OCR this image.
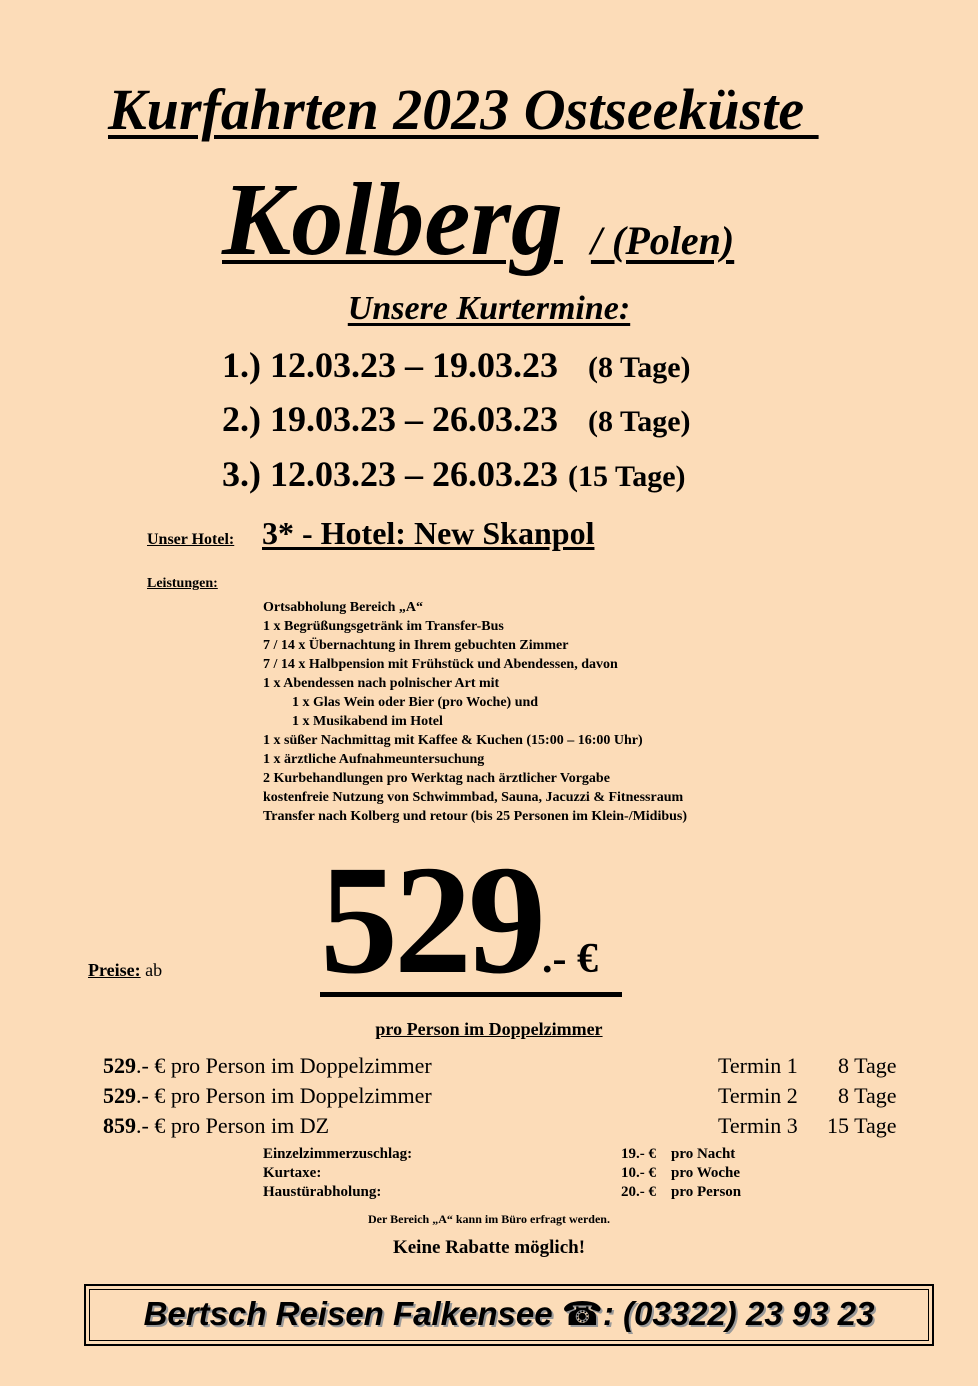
Kurfahrten 2023 Ostseeküste
Kolberg / (Polen)
Unsere Kurtermine:
1.) 12.03.23 – 19.03.23 (8 Tage)
2.) 19.03.23 – 26.03.23 (8 Tage)
3.) 12.03.23 – 26.03.23 (15 Tage)
Unser Hotel: 3* - Hotel: New Skanpol
Leistungen:
Ortsabholung Bereich „A“
1 x Begrüßungsgetränk im Transfer-Bus
7 / 14 x Übernachtung in Ihrem gebuchten Zimmer
7 / 14 x Halbpension mit Frühstück und Abendessen, davon
1 x Abendessen nach polnischer Art mit
1 x Glas Wein oder Bier (pro Woche) und
1 x Musikabend im Hotel
1 x süßer Nachmittag mit Kaffee & Kuchen (15:00 – 16:00 Uhr)
1 x ärztliche Aufnahmeuntersuchung
2 Kurbehandlungen pro Werktag nach ärztlicher Vorgabe
kostenfreie Nutzung von Schwimmbad, Sauna, Jacuzzi & Fitnessraum
Transfer nach Kolberg und retour (bis 25 Personen im Klein-/Midibus)
Preise: ab 529.- €
pro Person im Doppelzimmer
529.- € pro Person im Doppelzimmer	Termin 1 8 Tage
529.- € pro Person im Doppelzimmer	Termin 2 8 Tage
859.- € pro Person im DZ	Termin 3 15 Tage
Einzelzimmerzuschlag:	19.- € pro Nacht
Kurtaxe:	10.- € pro Woche
Haustürabholung:	20.- € pro Person
Der Bereich „A“ kann im Büro erfragt werden.
Keine Rabatte möglich!
Bertsch Reisen Falkensee ☎: (03322) 23 93 23
